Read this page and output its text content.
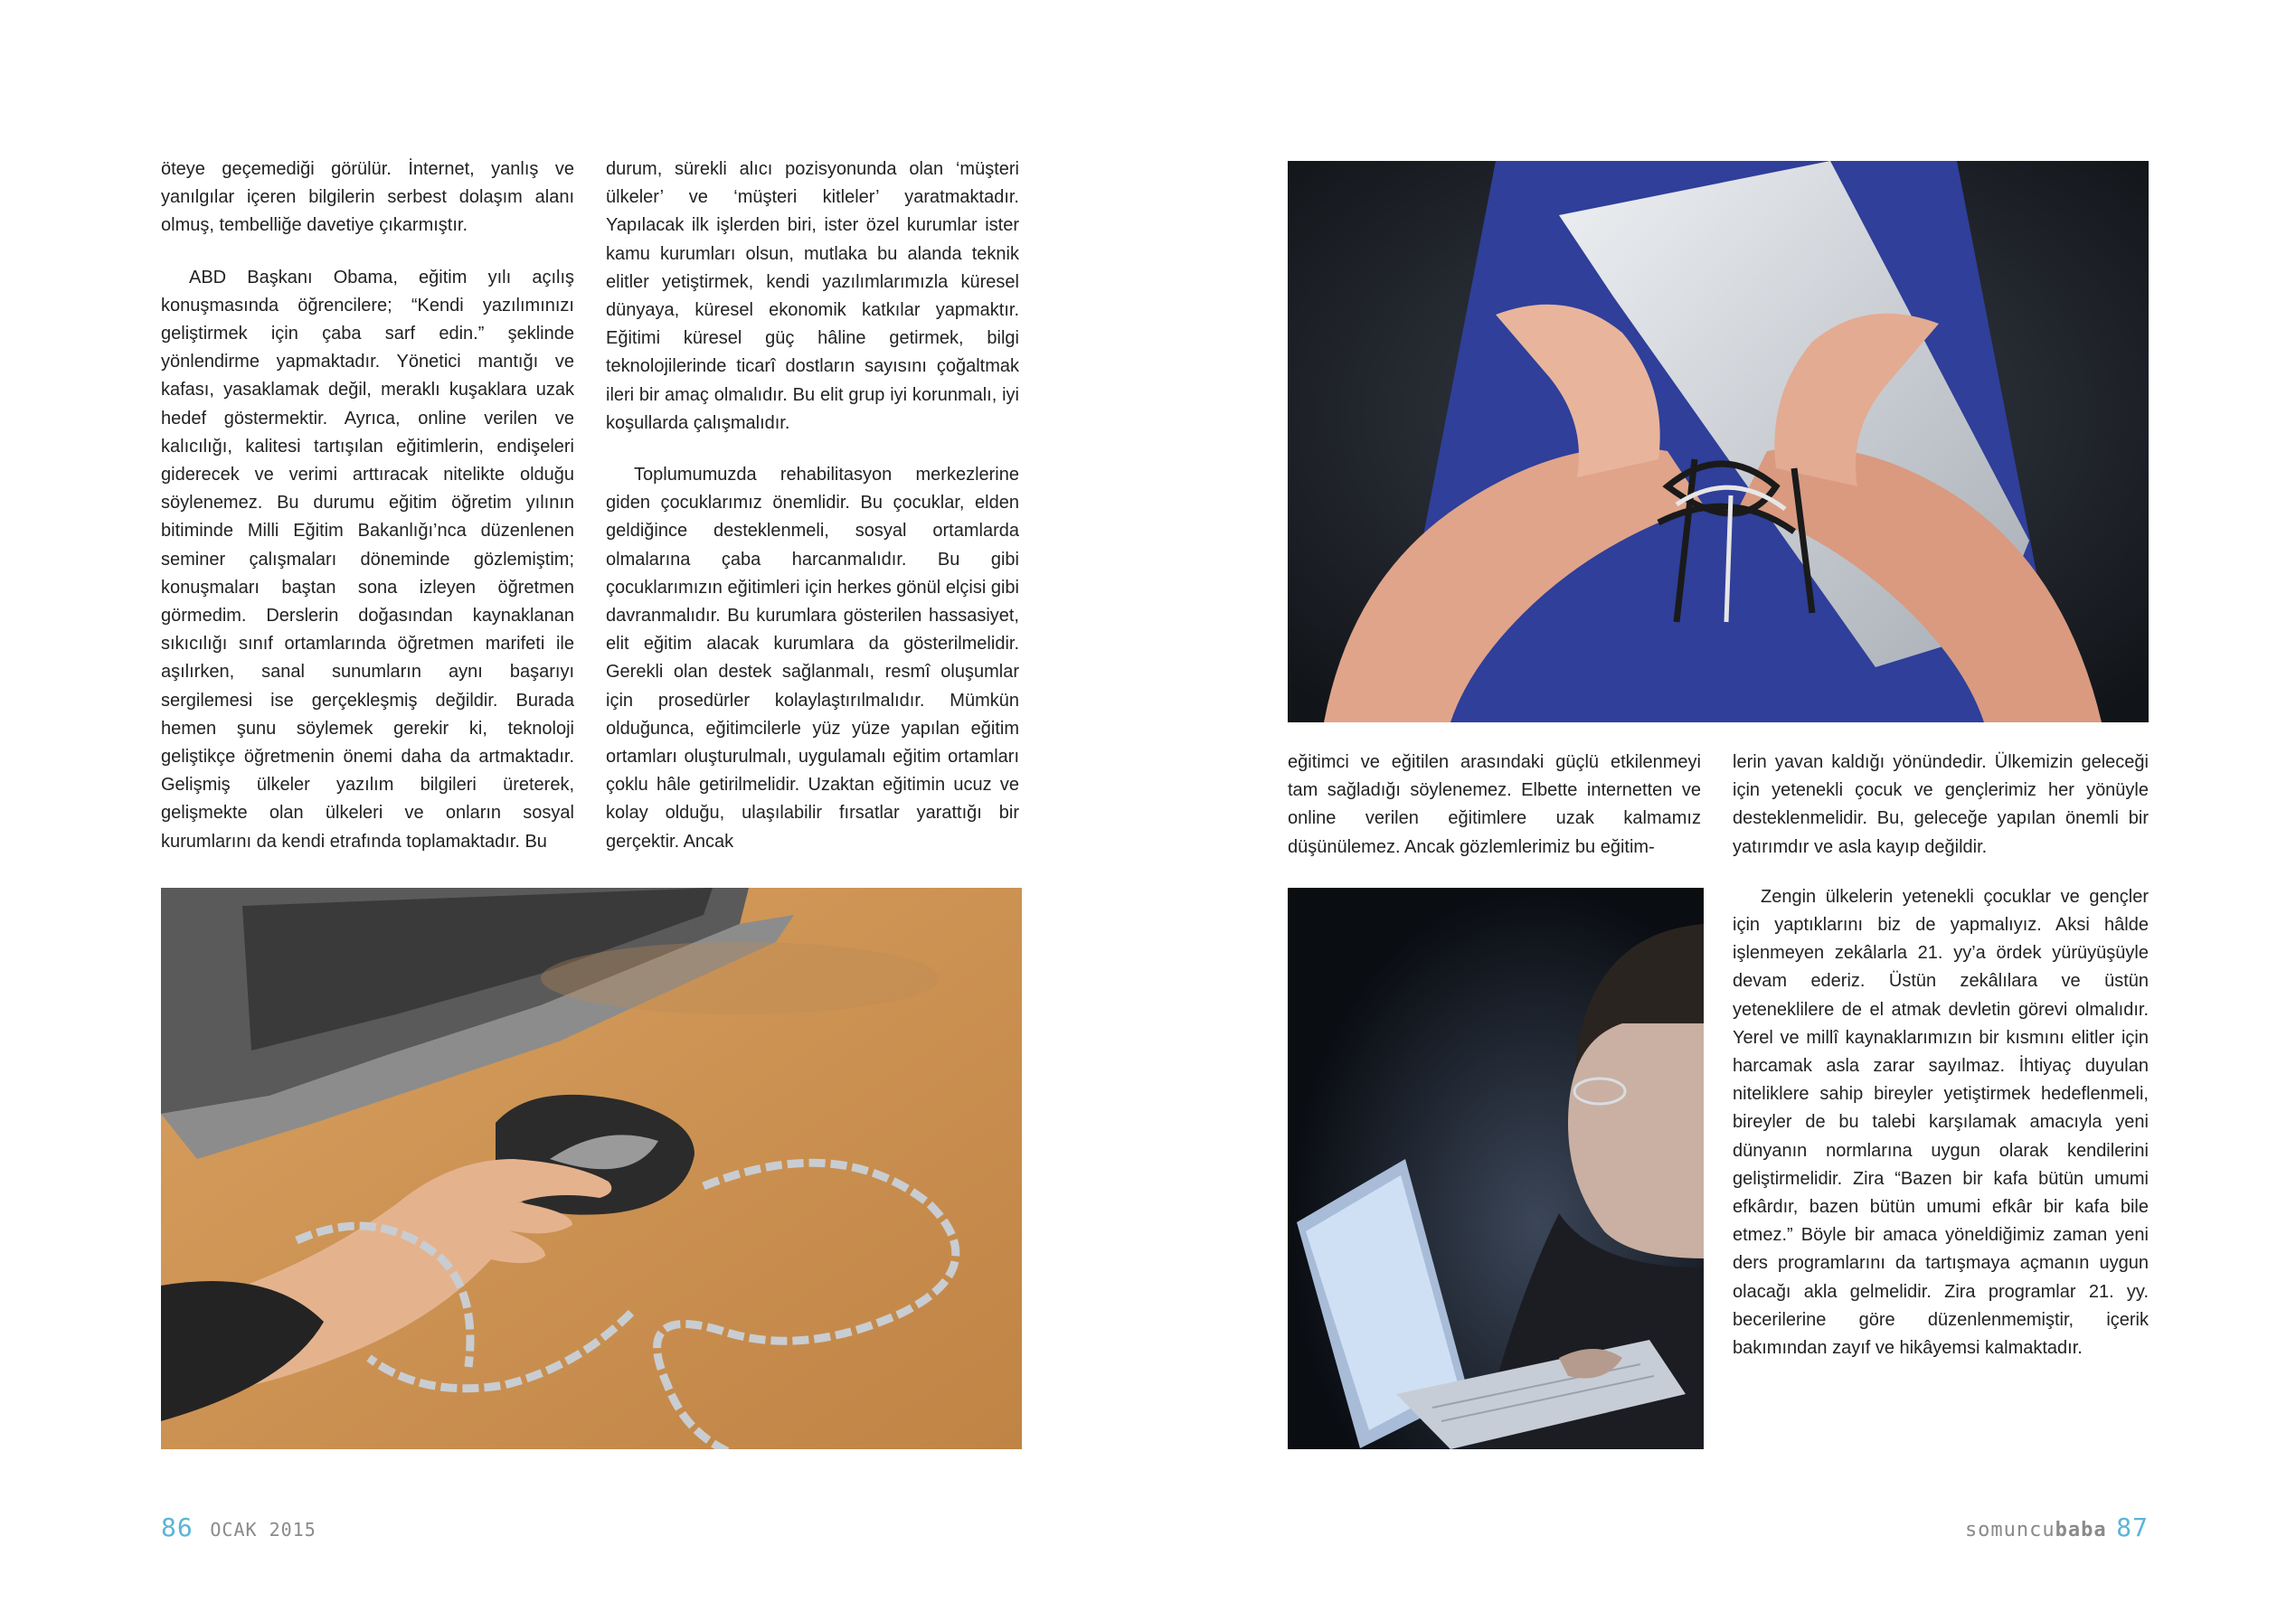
öteye geçemediği görülür. İnternet, yanlış ve yanılgılar içeren bilgilerin serbest dolaşım alanı olmuş, tembelliğe davetiye çıkarmıştır.

ABD Başkanı Obama, eğitim yılı açılış konuşmasında öğrencilere; “Kendi yazılımınızı geliştirmek için çaba sarf edin.” şeklinde yönlendirme yapmaktadır. Yönetici mantığı ve kafası, yasaklamak değil, meraklı kuşaklara uzak hedef göstermektir. Ayrıca, online verilen ve kalıcılığı, kalitesi tartışılan eğitimlerin, endişeleri giderecek ve verimi arttıracak nitelikte olduğu söylenemez. Bu durumu eğitim öğretim yılının bitiminde Milli Eğitim Bakanlığı’nca düzenlenen seminer çalışmaları döneminde gözlemiştim; konuşmaları baştan sona izleyen öğretmen görmedim. Derslerin doğasından kaynaklanan sıkıcılığı sınıf ortamlarında öğretmen marifeti ile aşılırken, sanal sunumların aynı başarıyı sergilemesi ise gerçekleşmiş değildir. Burada hemen şunu söylemek gerekir ki, teknoloji geliştikçe öğretmenin önemi daha da artmaktadır. Gelişmiş ülkeler yazılım bilgileri üreterek, gelişmekte olan ülkeleri ve onların sosyal kurumlarını da kendi etrafında toplamaktadır. Bu

durum, sürekli alıcı pozisyonunda olan ‘müşteri ülkeler’ ve ‘müşteri kitleler’ yaratmaktadır. Yapılacak ilk işlerden biri, ister özel kurumlar ister kamu kurumları olsun, mutlaka bu alanda teknik elitler yetiştirmek, kendi yazılımlarımızla küresel dünyaya, küresel ekonomik katkılar yapmaktır. Eğitimi küresel güç hâline getirmek, bilgi teknolojilerinde ticarî dostların sayısını çoğaltmak ileri bir amaç olmalıdır. Bu elit grup iyi korunmalı, iyi koşullarda çalışmalıdır.

Toplumumuzda rehabilitasyon merkezlerine giden çocuklarımız önemlidir. Bu çocuklar, elden geldiğince desteklenmeli, sosyal ortamlarda olmalarına çaba harcanmalıdır. Bu gibi çocuklarımızın eğitimleri için herkes gönül elçisi gibi davranmalıdır. Bu kurumlara gösterilen hassasiyet, elit eğitim alacak kurumlara da gösterilmelidir. Gerekli olan destek sağlanmalı, resmî oluşumlar için prosedürler kolaylaştırılmalıdır. Mümkün olduğunca, eğitimcilerle yüz yüze yapılan eğitim ortamları oluşturulmalı, uygulamalı eğitim ortamları çoklu hâle getirilmelidir. Uzaktan eğitimin ucuz ve kolay olduğu, ulaşılabilir fırsatlar yarattığı bir gerçektir. Ancak

eğitimci ve eğitilen arasındaki güçlü etkilenmeyi tam sağladığı söylenemez. Elbette internetten ve online verilen eğitimlere uzak kalmamız düşünülemez. Ancak gözlemlerimiz bu eğitim-

lerin yavan kaldığı yönündedir. Ülkemizin geleceği için yetenekli çocuk ve gençlerimiz her yönüyle desteklenmelidir. Bu, geleceğe yapılan önemli bir yatırımdır ve asla kayıp değildir.

Zengin ülkelerin yetenekli çocuklar ve gençler için yaptıklarını biz de yapmalıyız. Aksi hâlde işlenmeyen zekâlarla 21. yy’a ördek yürüyüşüyle devam ederiz. Üstün zekâlılara ve üstün yeteneklilere de el atmak devletin görevi olmalıdır. Yerel ve millî kaynaklarımızın bir kısmını elitler için harcamak asla zarar sayılmaz. İhtiyaç duyulan niteliklere sahip bireyler yetiştirmek hedeflenmeli, bireyler de bu talebi karşılamak amacıyla yeni dünyanın normlarına uygun olarak kendilerini geliştirmelidir. Zira “Bazen bir kafa bütün umumi efkârdır, bazen bütün umumi efkâr bir kafa bile etmez.” Böyle bir amaca yöneldiğimiz zaman yeni ders programlarını da tartışmaya açmanın uygun olacağı akla gelmelidir. Zira programlar 21. yy. becerilerine göre düzenlenmemiştir, içerik bakımından zayıf ve hikâyemsi kalmaktadır.

86 OCAK 2015	somuncubaba 87
